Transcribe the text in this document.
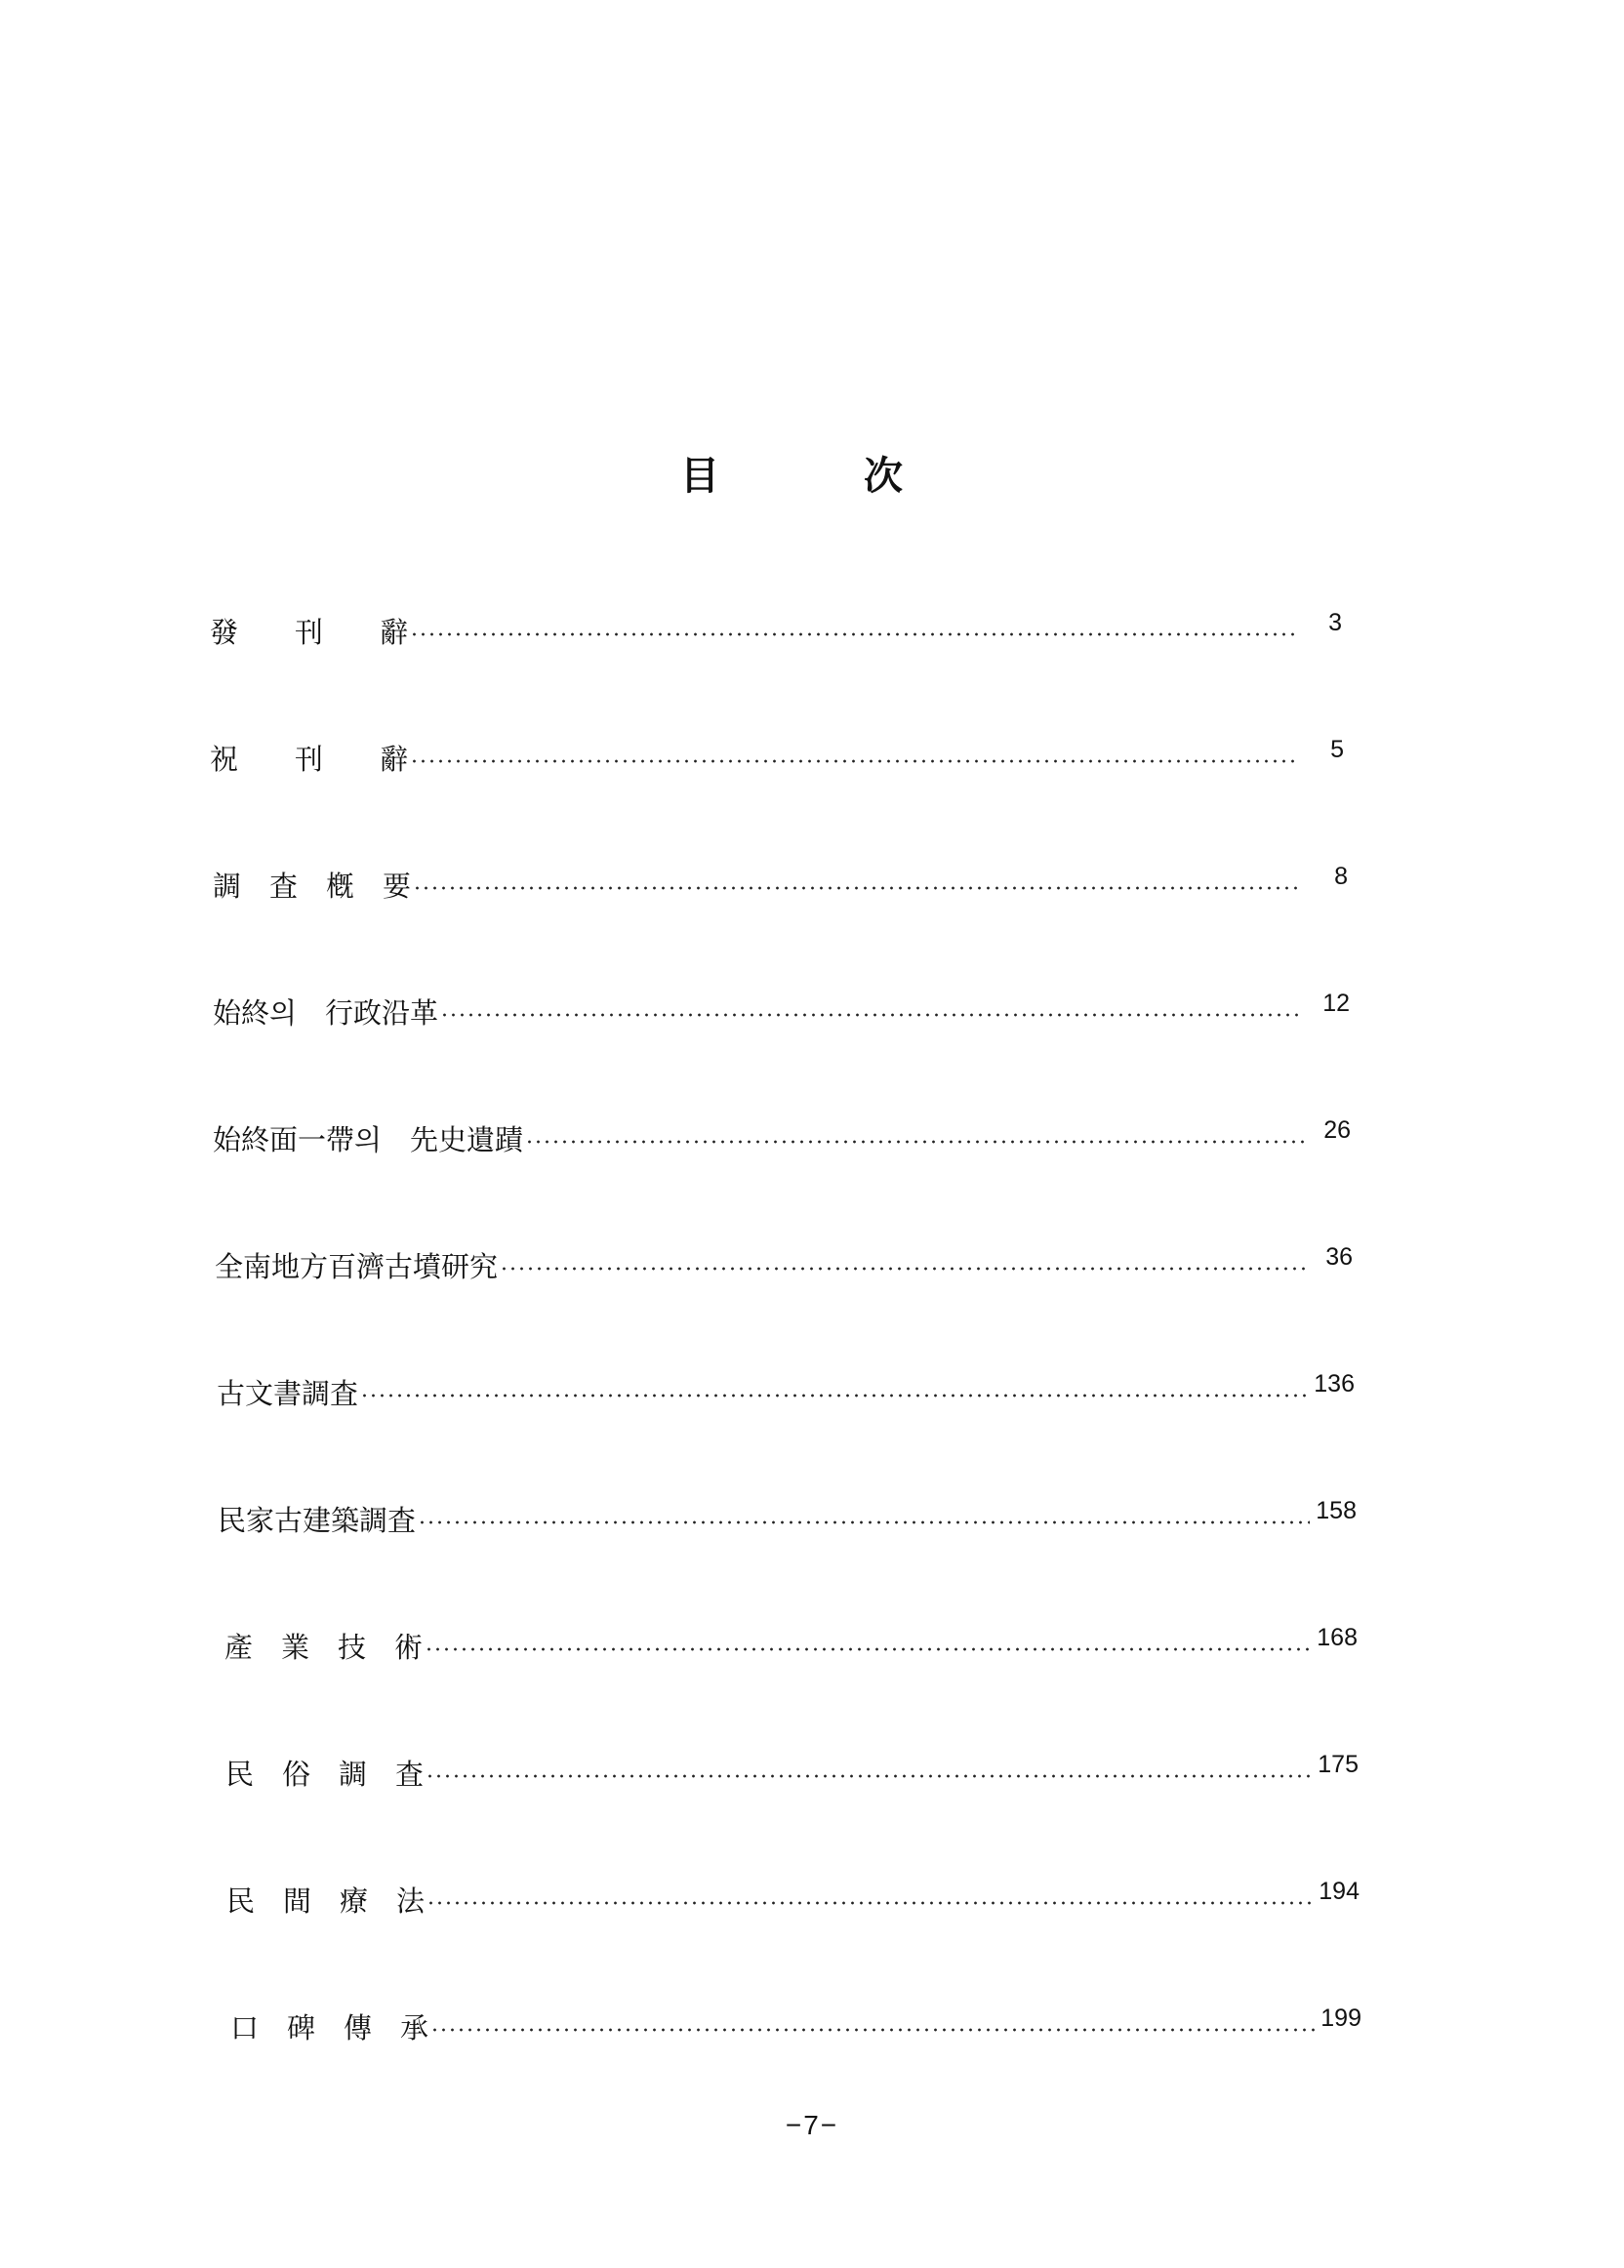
目	次
發　　刊　　辭	3
祝　　刊　　辭	5
調　査　槪　要	8
始終의　行政沿革	12
始終面一帶의　先史遺蹟	26
全南地方百濟古墳研究	36
古文書調査	136
民家古建築調査	158
產　業　技　術	168
民　俗　調　査	175
民　間　療　法	194
口　碑　傳　承	199
−7−
